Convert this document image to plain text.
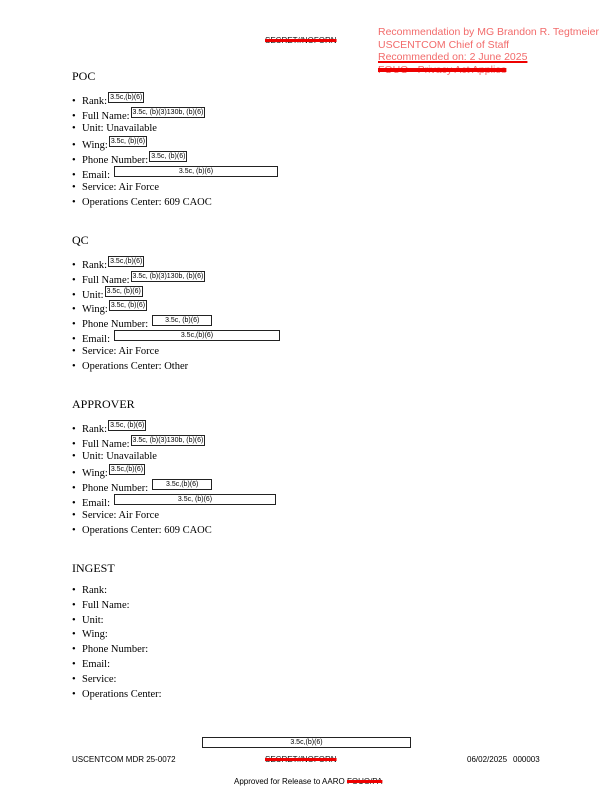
SECRET//NOFORN
Recommendation by MG Brandon R. Tegtmeier
USCENTCOM Chief of Staff
Recommended on: 2 June 2025
FOUO - Privacy Act Applies
POC
• Rank: 3.5c,(b)(6)
• Full Name: 3.5c, (b)(3)130b, (b)(6)
• Unit: Unavailable
• Wing: 3.5c, (b)(6)
• Phone Number: 3.5c, (b)(6)
• Email:	3.5c, (b)(6)
• Service: Air Force
• Operations Center: 609 CAOC
QC
• Rank: 3.5c,(b)(6)
• Full Name: 3.5c, (b)(3)130b, (b)(6)
• Unit: 3.5c, (b)(6)
• Wing: 3.5c, (b)(6)
• Phone Number: 3.5c, (b)(6)
• Email:	3.5c,(b)(6)
• Service: Air Force
• Operations Center: Other
APPROVER
• Rank: 3.5c, (b)(6)
• Full Name: 3.5c, (b)(3)130b, (b)(6)
• Unit: Unavailable
• Wing: 3.5c,(b)(6)
• Phone Number:	3.5c,(b)(6)
• Email:	3.5c, (b)(6)
• Service: Air Force
• Operations Center: 609 CAOC
INGEST
• Rank:
• Full Name:
• Unit:
• Wing:
• Phone Number:
• Email:
• Service:
• Operations Center:
3.5c,(b)(6)
USCENTCOM MDR 25-0072	SECRET//NOFORN	06/02/2025 000003
Approved for Release to AARO FOUO/PA
